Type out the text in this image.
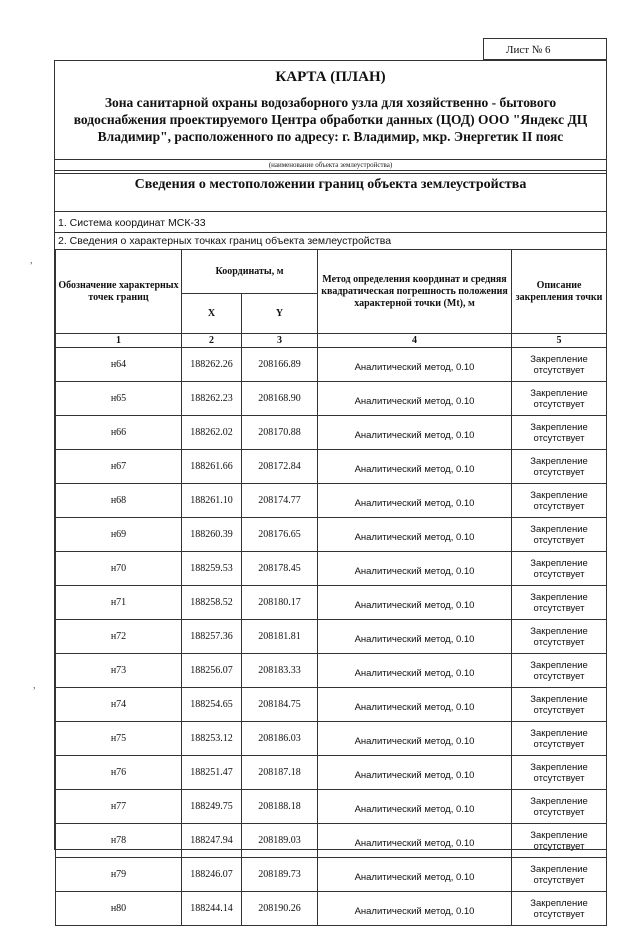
Лист № 6
,
,
КАРТА (ПЛАН)
Зона санитарной охраны водозаборного узла для хозяйственно - бытового водоснабжения проектируемого Центра обработки данных (ЦОД) ООО "Яндекс ДЦ Владимир", расположенного по адресу: г. Владимир, мкр. Энергетик II пояс
(наименование объекта землеустройства)
Сведения о местоположении границ объекта землеустройства
1. Система координат МСК-33
2. Сведения о характерных точках границ объекта землеустройства
Обозначение характерных точек границ	Координаты, м		Метод определения координат и средняя квадратическая погрешность положения характерной точки (Mt), м	Описание закрепления точки
	X	Y		
1	2	3	4	5
н64	188262.26	208166.89	Аналитический метод, 0.10	Закрепление отсутствует
н65	188262.23	208168.90	Аналитический метод, 0.10	Закрепление отсутствует
н66	188262.02	208170.88	Аналитический метод, 0.10	Закрепление отсутствует
н67	188261.66	208172.84	Аналитический метод, 0.10	Закрепление отсутствует
н68	188261.10	208174.77	Аналитический метод, 0.10	Закрепление отсутствует
н69	188260.39	208176.65	Аналитический метод, 0.10	Закрепление отсутствует
н70	188259.53	208178.45	Аналитический метод, 0.10	Закрепление отсутствует
н71	188258.52	208180.17	Аналитический метод, 0.10	Закрепление отсутствует
н72	188257.36	208181.81	Аналитический метод, 0.10	Закрепление отсутствует
н73	188256.07	208183.33	Аналитический метод, 0.10	Закрепление отсутствует
н74	188254.65	208184.75	Аналитический метод, 0.10	Закрепление отсутствует
н75	188253.12	208186.03	Аналитический метод, 0.10	Закрепление отсутствует
н76	188251.47	208187.18	Аналитический метод, 0.10	Закрепление отсутствует
н77	188249.75	208188.18	Аналитический метод, 0.10	Закрепление отсутствует
н78	188247.94	208189.03	Аналитический метод, 0.10	Закрепление отсутствует
н79	188246.07	208189.73	Аналитический метод, 0.10	Закрепление отсутствует
н80	188244.14	208190.26	Аналитический метод, 0.10	Закрепление отсутствует
